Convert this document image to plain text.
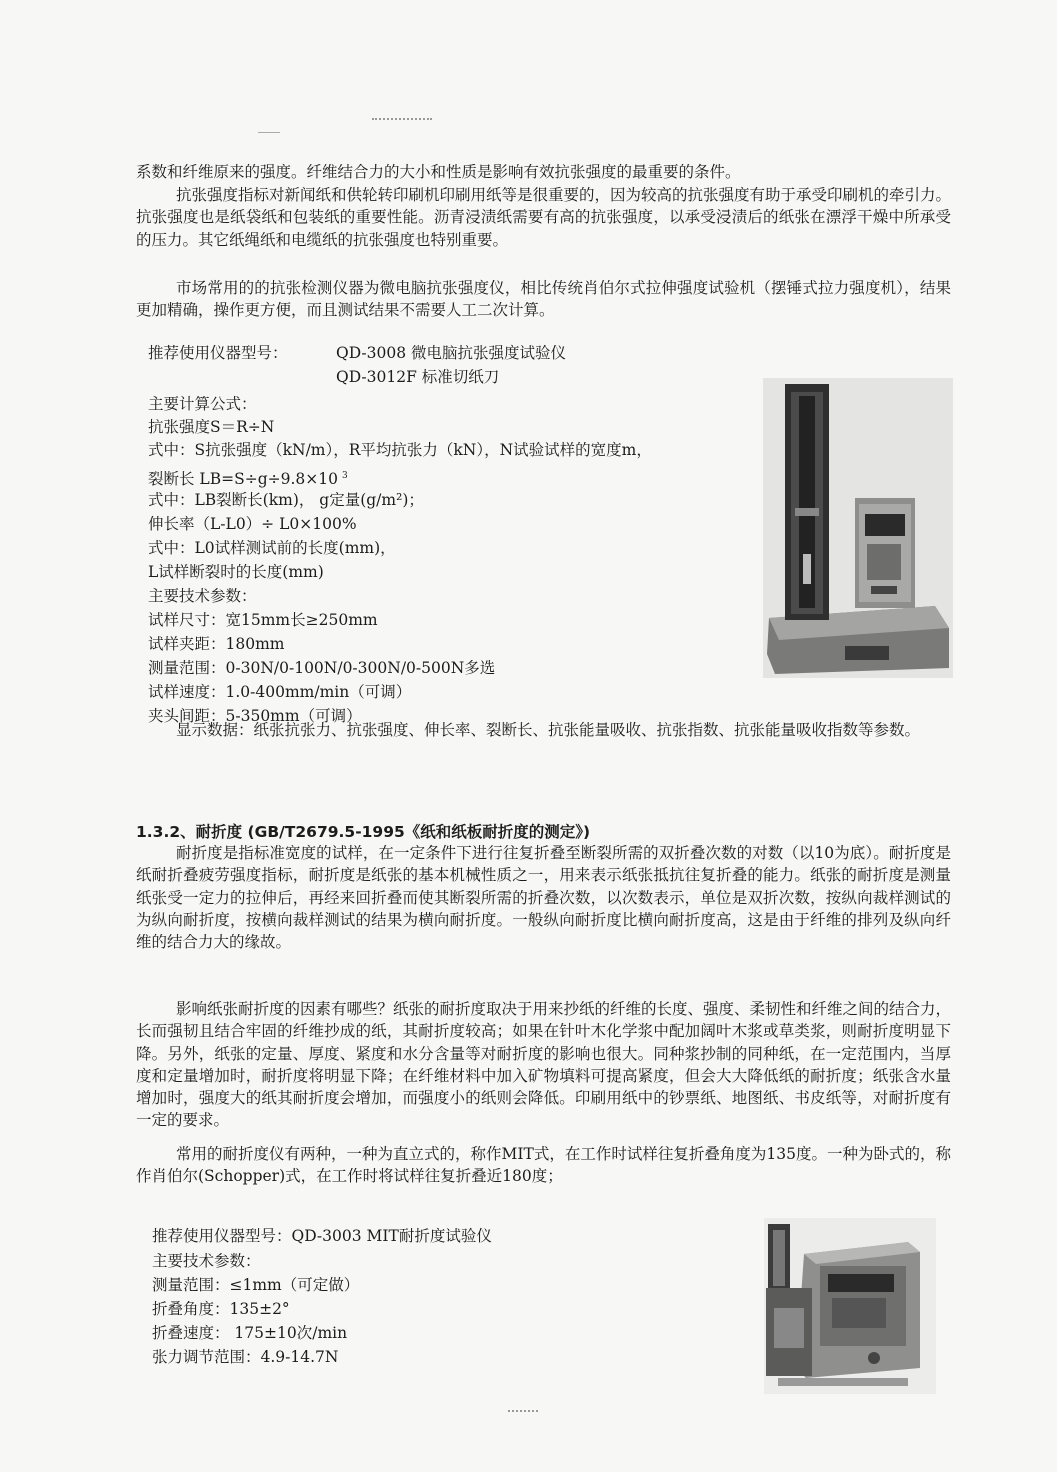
系数和纤维原来的强度。纤维结合力的大小和性质是影响有效抗张强度的最重要的条件。

抗张强度指标对新闻纸和供轮转印刷机印刷用纸等是很重要的，因为较高的抗张强度有助于承受印刷机的牵引力。抗张强度也是纸袋纸和包装纸的重要性能。沥青浸渍纸需要有高的抗张强度，以承受浸渍后的纸张在漂浮干燥中所承受的压力。其它纸绳纸和电缆纸的抗张强度也特别重要。

市场常用的的抗张检测仪器为微电脑抗张强度仪，相比传统肖伯尔式拉伸强度试验机（摆锤式拉力强度机），结果更加精确，操作更方便，而且测试结果不需要人工二次计算。

推荐使用仪器型号：	QD-3008 微电脑抗张强度试验仪

QD-3012F 标准切纸刀

主要计算公式：

抗张强度S＝R÷N

式中：S抗张强度（kN/m），R平均抗张力（kN），N试验试样的宽度m，

裂断长 LB=S÷g÷9.8×10 $^3$

式中：LB裂断长(km)， g定量(g/m²)；

伸长率（L-L0）÷ L0×100%

式中：L0试样测试前的长度(mm)，

L试样断裂时的长度(mm)

主要技术参数：

试样尺寸：宽15mm长≥250mm

试样夹距：180mm

测量范围：0-30N/0-100N/0-300N/0-500N多选

试样速度：1.0-400mm/min（可调）

夹头间距：5-350mm（可调）

显示数据：纸张抗张力、抗张强度、伸长率、裂断长、抗张能量吸收、抗张指数、抗张能量吸收指数等参数。

1.3.2、耐折度 (GB/T2679.5-1995《纸和纸板耐折度的测定》)

耐折度是指标准宽度的试样，在一定条件下进行往复折叠至断裂所需的双折叠次数的对数（以10为底）。耐折度是纸耐折叠疲劳强度指标，耐折度是纸张的基本机械性质之一，用来表示纸张抵抗往复折叠的能力。纸张的耐折度是测量纸张受一定力的拉伸后，再经来回折叠而使其断裂所需的折叠次数，以次数表示，单位是双折次数，按纵向裁样测试的为纵向耐折度，按横向裁样测试的结果为横向耐折度。一般纵向耐折度比横向耐折度高，这是由于纤维的排列及纵向纤维的结合力大的缘故。

影响纸张耐折度的因素有哪些？纸张的耐折度取决于用来抄纸的纤维的长度、强度、柔韧性和纤维之间的结合力，长而强韧且结合牢固的纤维抄成的纸，其耐折度较高；如果在针叶木化学浆中配加阔叶木浆或草类浆，则耐折度明显下降。另外，纸张的定量、厚度、紧度和水分含量等对耐折度的影响也很大。同种浆抄制的同种纸，在一定范围内，当厚度和定量增加时，耐折度将明显下降；在纤维材料中加入矿物填料可提高紧度，但会大大降低纸的耐折度；纸张含水量增加时，强度大的纸其耐折度会增加，而强度小的纸则会降低。印刷用纸中的钞票纸、地图纸、书皮纸等，对耐折度有一定的要求。

常用的耐折度仪有两种，一种为直立式的，称作MIT式，在工作时试样往复折叠角度为135度。一种为卧式的，称作肖伯尔(Schopper)式，在工作时将试样往复折叠近180度；

推荐使用仪器型号：QD-3003 MIT耐折度试验仪

主要技术参数：

测量范围：≤1mm（可定做）

折叠角度：135±2°

折叠速度： 175±10次/min

张力调节范围：4.9-14.7N
